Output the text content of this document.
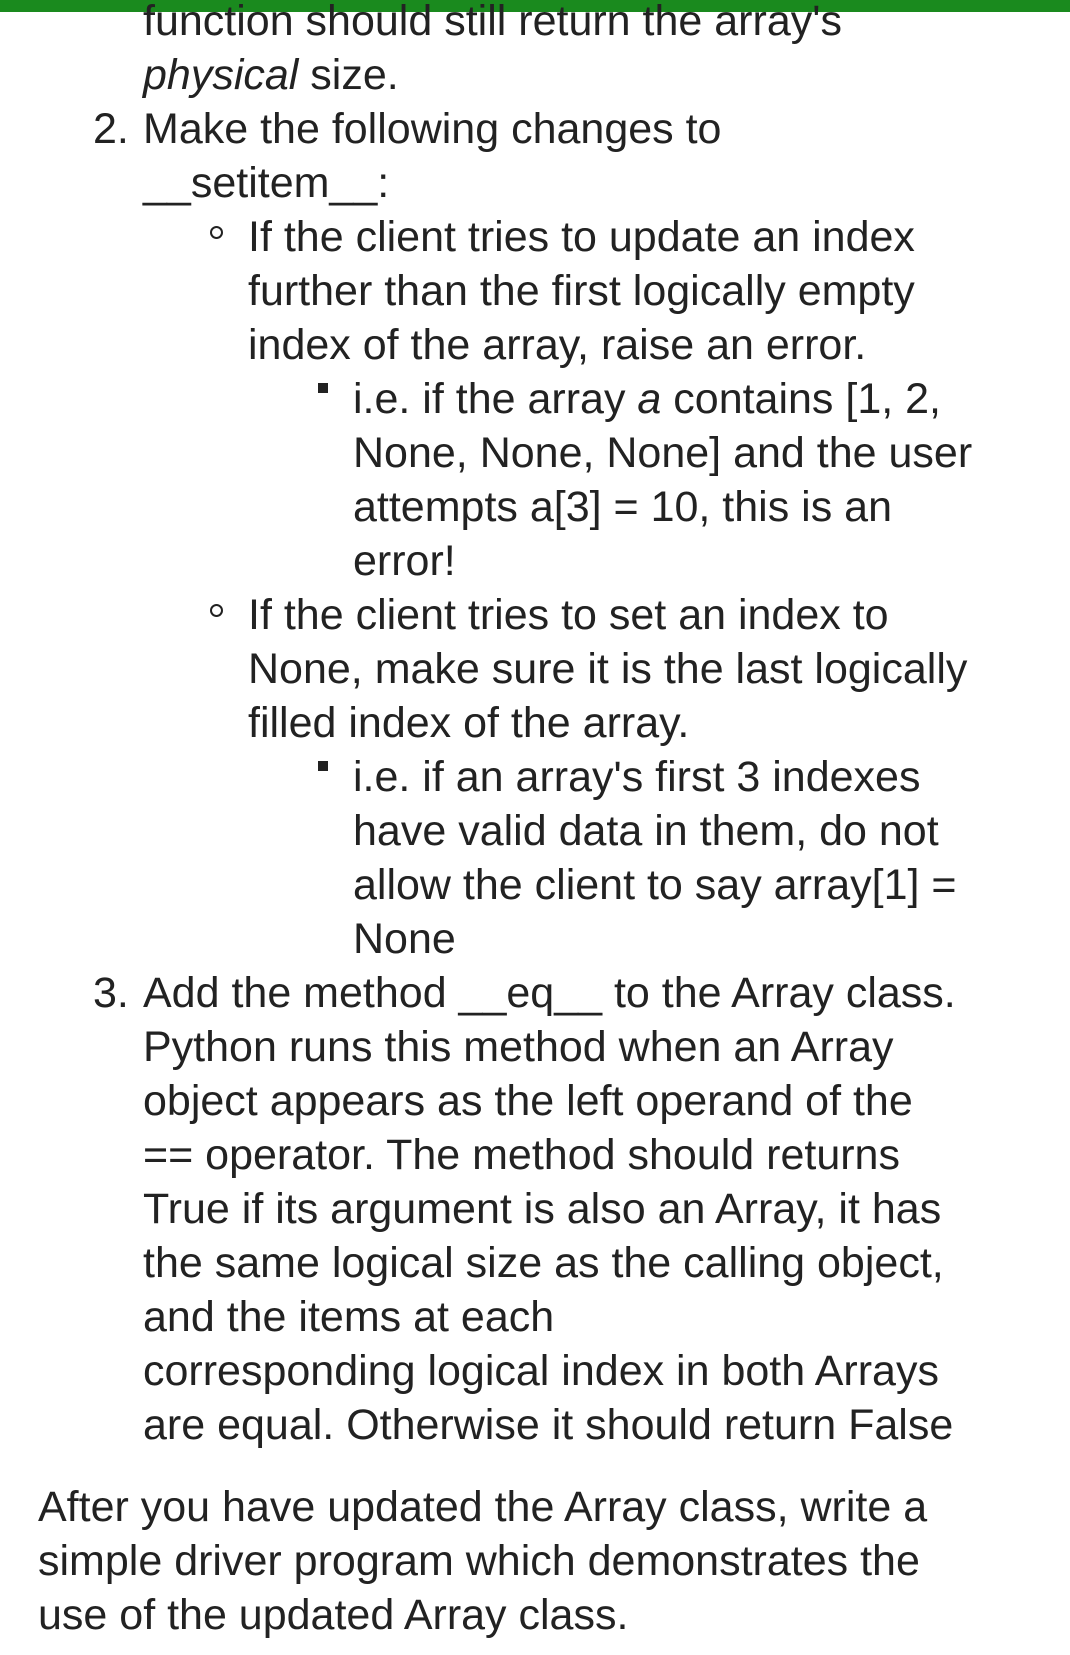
function should still return the array's
physical size.
2. Make the following changes to
__setitem__:
If the client tries to update an index
further than the first logically empty
index of the array, raise an error.
i.e. if the array a contains [1, 2,
None, None, None] and the user
attempts a[3] = 10, this is an
error!
If the client tries to set an index to
None, make sure it is the last logically
filled index of the array.
i.e. if an array's first 3 indexes
have valid data in them, do not
allow the client to say array[1] =
None
3. Add the method __eq__ to the Array class.
Python runs this method when an Array
object appears as the left operand of the
== operator. The method should returns
True if its argument is also an Array, it has
the same logical size as the calling object,
and the items at each
corresponding logical index in both Arrays
are equal. Otherwise it should return False
After you have updated the Array class, write a
simple driver program which demonstrates the
use of the updated Array class.
